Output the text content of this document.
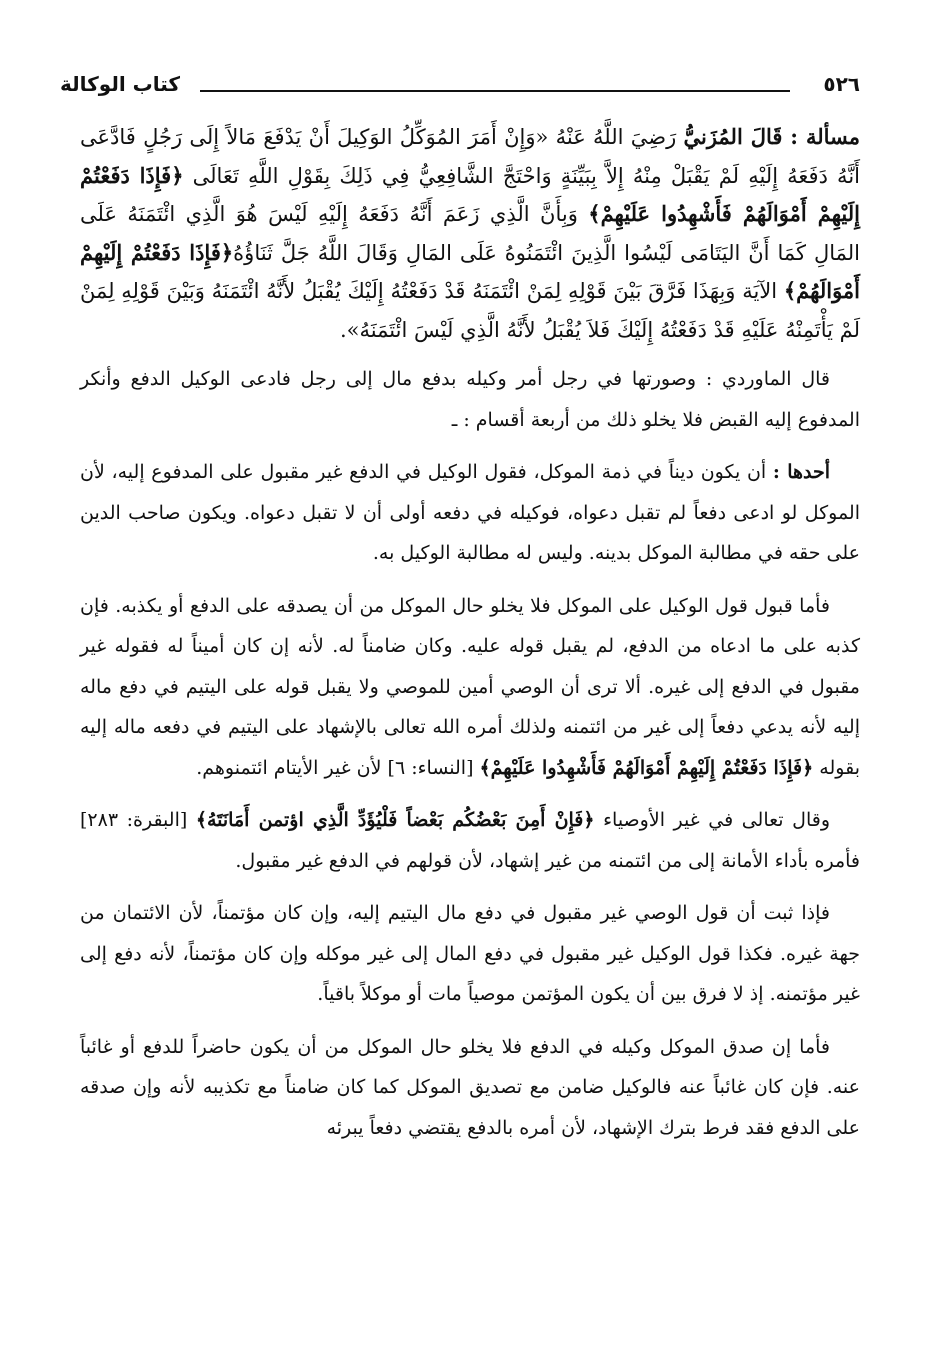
٥٢٦
كتاب الوكالة

مسألة : قَالَ المُزَنيُّ رَضِيَ اللَّهُ عَنْهُ «وَإِنْ أَمَرَ المُوَكِّلُ الوَكِيلَ أَنْ يَدْفَعَ مَالاً إِلَى رَجُلٍ فَادَّعَى أَنَّهُ دَفَعَهُ إِلَيْهِ لَمْ يَقْبَلْ مِنْهُ إِلاَّ بِبَيِّنَةٍ وَاحْتَجَّ الشَّافِعِيُّ فِي ذَلِكَ بِقَوْلِ اللَّهِ تَعَالَى ﴿فَإِذَا دَفَعْتُمْ إِلَيْهِمْ أَمْوَالَهُمْ فَأَشْهِدُوا عَلَيْهِمْ﴾ وَبِأَنَّ الَّذِي زَعَمَ أَنَّهُ دَفَعَهُ إِلَيْهِ لَيْسَ هُوَ الَّذِي ائْتَمَنَهُ عَلَى المَالِ كَمَا أَنَّ اليَتَامَى لَيْسُوا الَّذِينَ ائْتَمَنُوهُ عَلَى المَالِ وَقَالَ اللَّهُ جَلَّ ثَنَاؤُهُ﴿فَإِذَا دَفَعْتُمْ إِلَيْهِمْ أَمْوَالَهُمْ﴾ الآيَة وَبِهَذَا فَرَّقَ بَيْنَ قَوْلِهِ لِمَنْ ائْتَمَنَهُ قَدْ دَفَعْتُهُ إِلَيْكَ يُقْبَلُ لأَنَّهُ ائْتَمَنَهُ وَبَيْنَ قَوْلِهِ لِمَنْ لَمْ يَأْتَمِنْهُ عَلَيْهِ قَدْ دَفَعْتُهُ إِلَيْكَ فَلاَ يُقْبَلُ لأَنَّهُ الَّذِي لَيْسَ ائْتَمَنَهُ».

قال الماوردي : وصورتها في رجل أمر وكيله بدفع مال إلى رجل فادعى الوكيل الدفع وأنكر المدفوع إليه القبض فلا يخلو ذلك من أربعة أقسام : ـ

أحدها : أن يكون ديناً في ذمة الموكل، فقول الوكيل في الدفع غير مقبول على المدفوع إليه، لأن الموكل لو ادعى دفعاً لم تقبل دعواه، فوكيله في دفعه أولى أن لا تقبل دعواه. ويكون صاحب الدين على حقه في مطالبة الموكل بدينه. وليس له مطالبة الوكيل به.

فأما قبول قول الوكيل على الموكل فلا يخلو حال الموكل من أن يصدقه على الدفع أو يكذبه. فإن كذبه على ما ادعاه من الدفع، لم يقبل قوله عليه. وكان ضامناً له. لأنه إن كان أميناً له فقوله غير مقبول في الدفع إلى غيره. ألا ترى أن الوصي أمين للموصي ولا يقبل قوله على اليتيم في دفع ماله إليه لأنه يدعي دفعاً إلى غير من ائتمنه ولذلك أمره الله تعالى بالإشهاد على اليتيم في دفعه ماله إليه بقوله ﴿فَإِذَا دَفَعْتُمْ إِلَيْهِمْ أَمْوَالَهُمْ فَأَشْهِدُوا عَلَيْهِمْ﴾ [النساء: ٦] لأن غير الأيتام ائتمنوهم.

وقال تعالى في غير الأوصياء ﴿فَإِنْ أَمِنَ بَعْضُكُم بَعْضاً فَلْيُؤَدِّ الَّذِي اؤتمن أَمَانَتَهُ﴾ [البقرة: ٢٨٣] فأمره بأداء الأمانة إلى من ائتمنه من غير إشهاد، لأن قولهم في الدفع غير مقبول.

فإذا ثبت أن قول الوصي غير مقبول في دفع مال اليتيم إليه، وإن كان مؤتمناً، لأن الائتمان من جهة غيره. فكذا قول الوكيل غير مقبول في دفع المال إلى غير موكله وإن كان مؤتمناً، لأنه دفع إلى غير مؤتمنه. إذ لا فرق بين أن يكون المؤتمن موصياً مات أو موكلاً باقياً.

فأما إن صدق الموكل وكيله في الدفع فلا يخلو حال الموكل من أن يكون حاضراً للدفع أو غائباً عنه. فإن كان غائباً عنه فالوكيل ضامن مع تصديق الموكل كما كان ضامناً مع تكذيبه لأنه وإن صدقه على الدفع فقد فرط بترك الإشهاد، لأن أمره بالدفع يقتضي دفعاً يبرئه
